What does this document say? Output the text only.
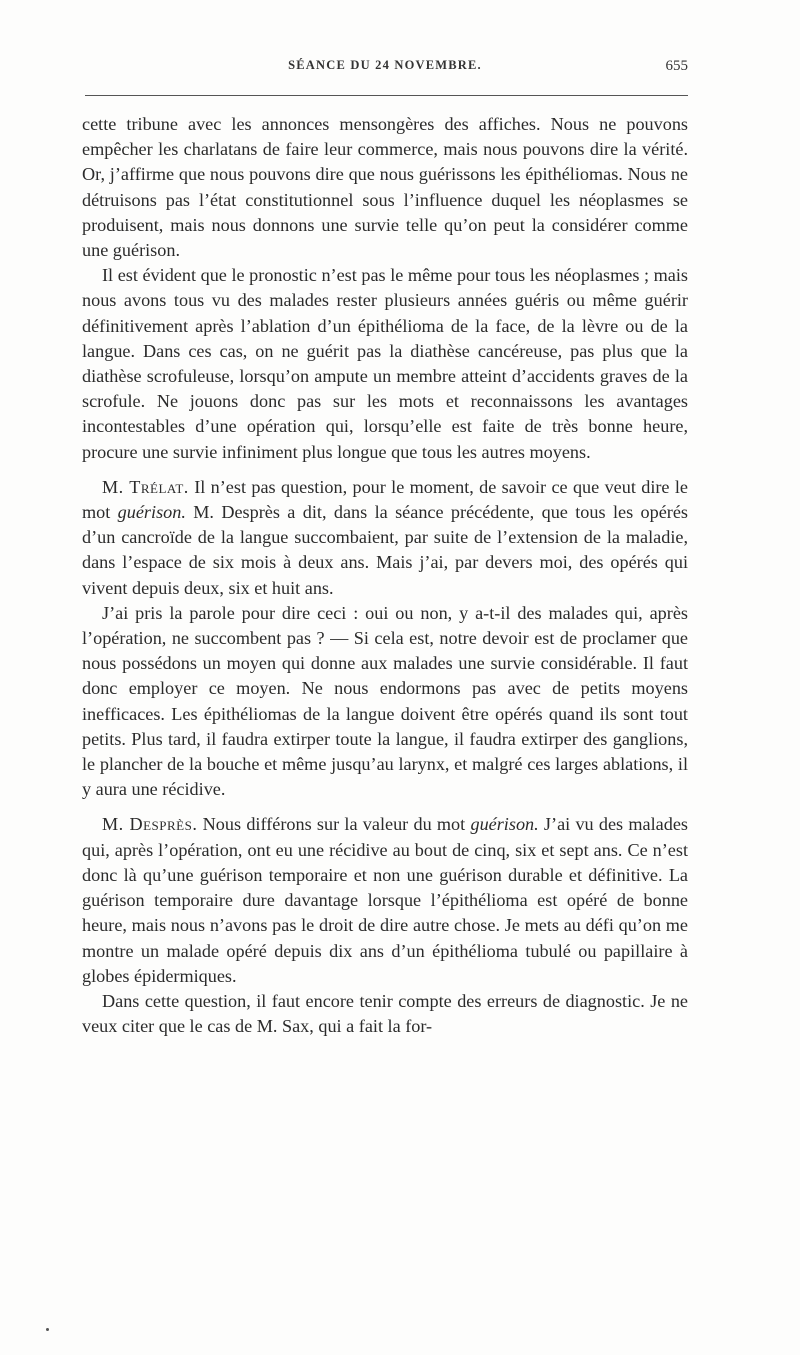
SÉANCE DU 24 NOVEMBRE.	655

cette tribune avec les annonces mensongères des affiches. Nous ne pouvons empêcher les charlatans de faire leur commerce, mais nous pouvons dire la vérité. Or, j’affirme que nous pouvons dire que nous guérissons les épithéliomas. Nous ne détruisons pas l’état constitutionnel sous l’influence duquel les néoplasmes se produisent, mais nous donnons une survie telle qu’on peut la considérer comme une guérison.

Il est évident que le pronostic n’est pas le même pour tous les néoplasmes ; mais nous avons tous vu des malades rester plusieurs années guéris ou même guérir définitivement après l’ablation d’un épithélioma de la face, de la lèvre ou de la langue. Dans ces cas, on ne guérit pas la diathèse cancéreuse, pas plus que la diathèse scrofuleuse, lorsqu’on ampute un membre atteint d’accidents graves de la scrofule. Ne jouons donc pas sur les mots et reconnaissons les avantages incontestables d’une opération qui, lorsqu’elle est faite de très bonne heure, procure une survie infiniment plus longue que tous les autres moyens.

M. Trélat. Il n’est pas question, pour le moment, de savoir ce que veut dire le mot guérison. M. Desprès a dit, dans la séance précédente, que tous les opérés d’un cancroïde de la langue succombaient, par suite de l’extension de la maladie, dans l’espace de six mois à deux ans. Mais j’ai, par devers moi, des opérés qui vivent depuis deux, six et huit ans.

J’ai pris la parole pour dire ceci : oui ou non, y a-t-il des malades qui, après l’opération, ne succombent pas ? — Si cela est, notre devoir est de proclamer que nous possédons un moyen qui donne aux malades une survie considérable. Il faut donc employer ce moyen. Ne nous endormons pas avec de petits moyens inefficaces. Les épithéliomas de la langue doivent être opérés quand ils sont tout petits. Plus tard, il faudra extirper toute la langue, il faudra extirper des ganglions, le plancher de la bouche et même jusqu’au larynx, et malgré ces larges ablations, il y aura une récidive.

M. Desprès. Nous différons sur la valeur du mot guérison. J’ai vu des malades qui, après l’opération, ont eu une récidive au bout de cinq, six et sept ans. Ce n’est donc là qu’une guérison temporaire et non une guérison durable et définitive. La guérison temporaire dure davantage lorsque l’épithélioma est opéré de bonne heure, mais nous n’avons pas le droit de dire autre chose. Je mets au défi qu’on me montre un malade opéré depuis dix ans d’un épithélioma tubulé ou papillaire à globes épidermiques.

Dans cette question, il faut encore tenir compte des erreurs de diagnostic. Je ne veux citer que le cas de M. Sax, qui a fait la for-
